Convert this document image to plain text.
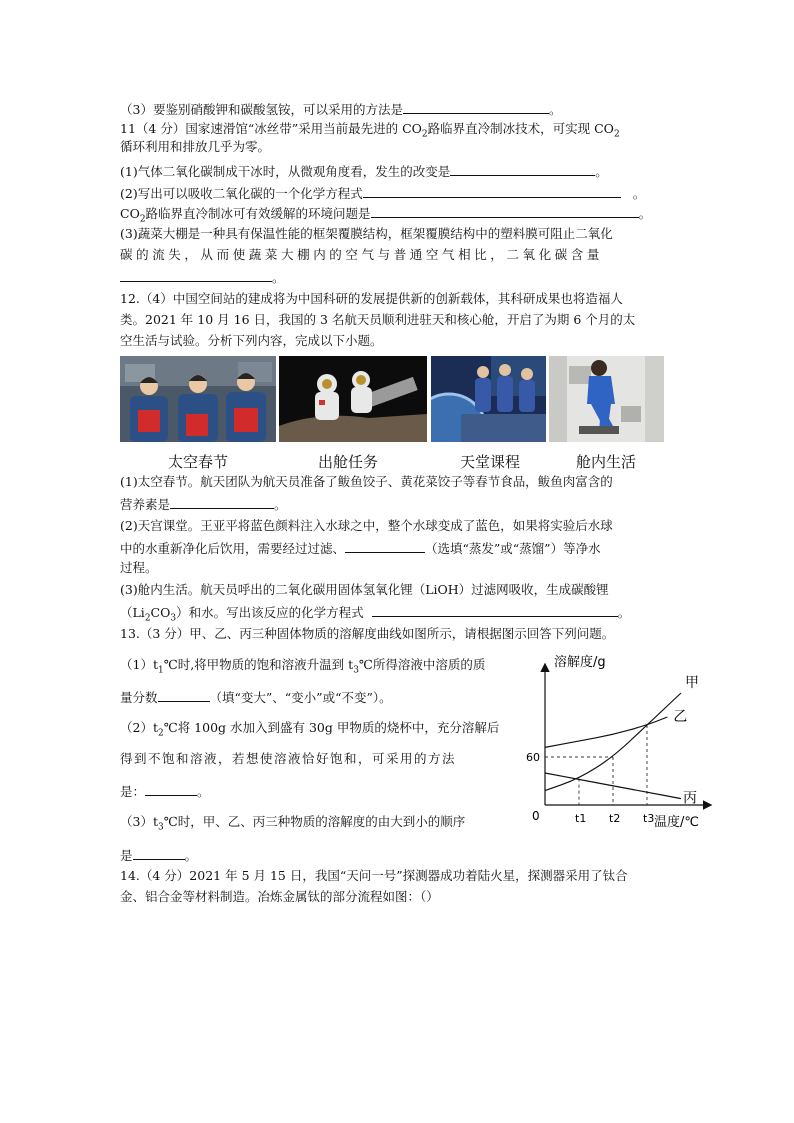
（3）要鉴别硝酸钾和碳酸氢铵，可以采用的方法是	。
11（4 分）国家速滑馆“冰丝带”采用当前最先进的 $CO_2$路临界直冷制冰技术，可实现 $CO_2$
循环利用和排放几乎为零。
(1)气体二氧化碳制成干冰时，从微观角度看，发生的改变是	。
(2)写出可以吸收二氧化碳的一个化学方程式	。
$CO_2$路临界直冷制冰可有效缓解的环境问题是	。
(3)蔬菜大棚是一种具有保温性能的框架覆膜结构，框架覆膜结构中的塑料膜可阻止二氧化
碳的流失，从而使蔬菜大棚内的空气与普通空气相比，二氧化碳含量
。
12.（4）中国空间站的建成将为中国科研的发展提供新的创新载体，其科研成果也将造福人
类。2021 年 10 月 16 日，我国的 3 名航天员顺利进驻天和核心舱，开启了为期 6 个月的太
空生活与试验。分析下列内容，完成以下小题。
太空春节	出舱任务	天堂课程	舱内生活
(1)太空春节。航天团队为航天员准备了鲅鱼饺子、黄花菜饺子等春节食品，鲅鱼肉富含的
营养素是	。
(2)天宫课堂。王亚平将蓝色颜料注入水球之中，整个水球变成了蓝色，如果将实验后水球
中的水重新净化后饮用，需要经过过滤、	（选填“蒸发”或“蒸馏”）等净水
过程。
(3)舱内生活。航天员呼出的二氧化碳用固体氢氧化锂（LiOH）过滤网吸收，生成碳酸锂
$(Li_2CO_3)$和水。写出该反应的化学方程式	。
13.（3 分）甲、乙、丙三种固体物质的溶解度曲线如图所示，请根据图示回答下列问题。
$(1)t_1℃$时,将甲物质的饱和溶液升温到 $t_3℃$所得溶液中溶质的质
量分数	（填“变大”、“变小”或“不变”）。
$(2)t_2℃$将 100g 水加入到盛有 30g 甲物质的烧杯中，充分溶解后
得到不饱和溶液，若想使溶液恰好饱和，可采用的方法
是：	。
$(3)t_3℃$时，甲、乙、丙三种物质的溶解度的由大到小的顺序
是	。
溶解度/g
温度/℃
0
甲
乙
丙
t1 t2 t3
60
14.（4 分）2021 年 5 月 15 日，我国“天问一号”探测器成功着陆火星，探测器采用了钛合
金、铝合金等材料制造。冶炼金属钛的部分流程如图：（）
